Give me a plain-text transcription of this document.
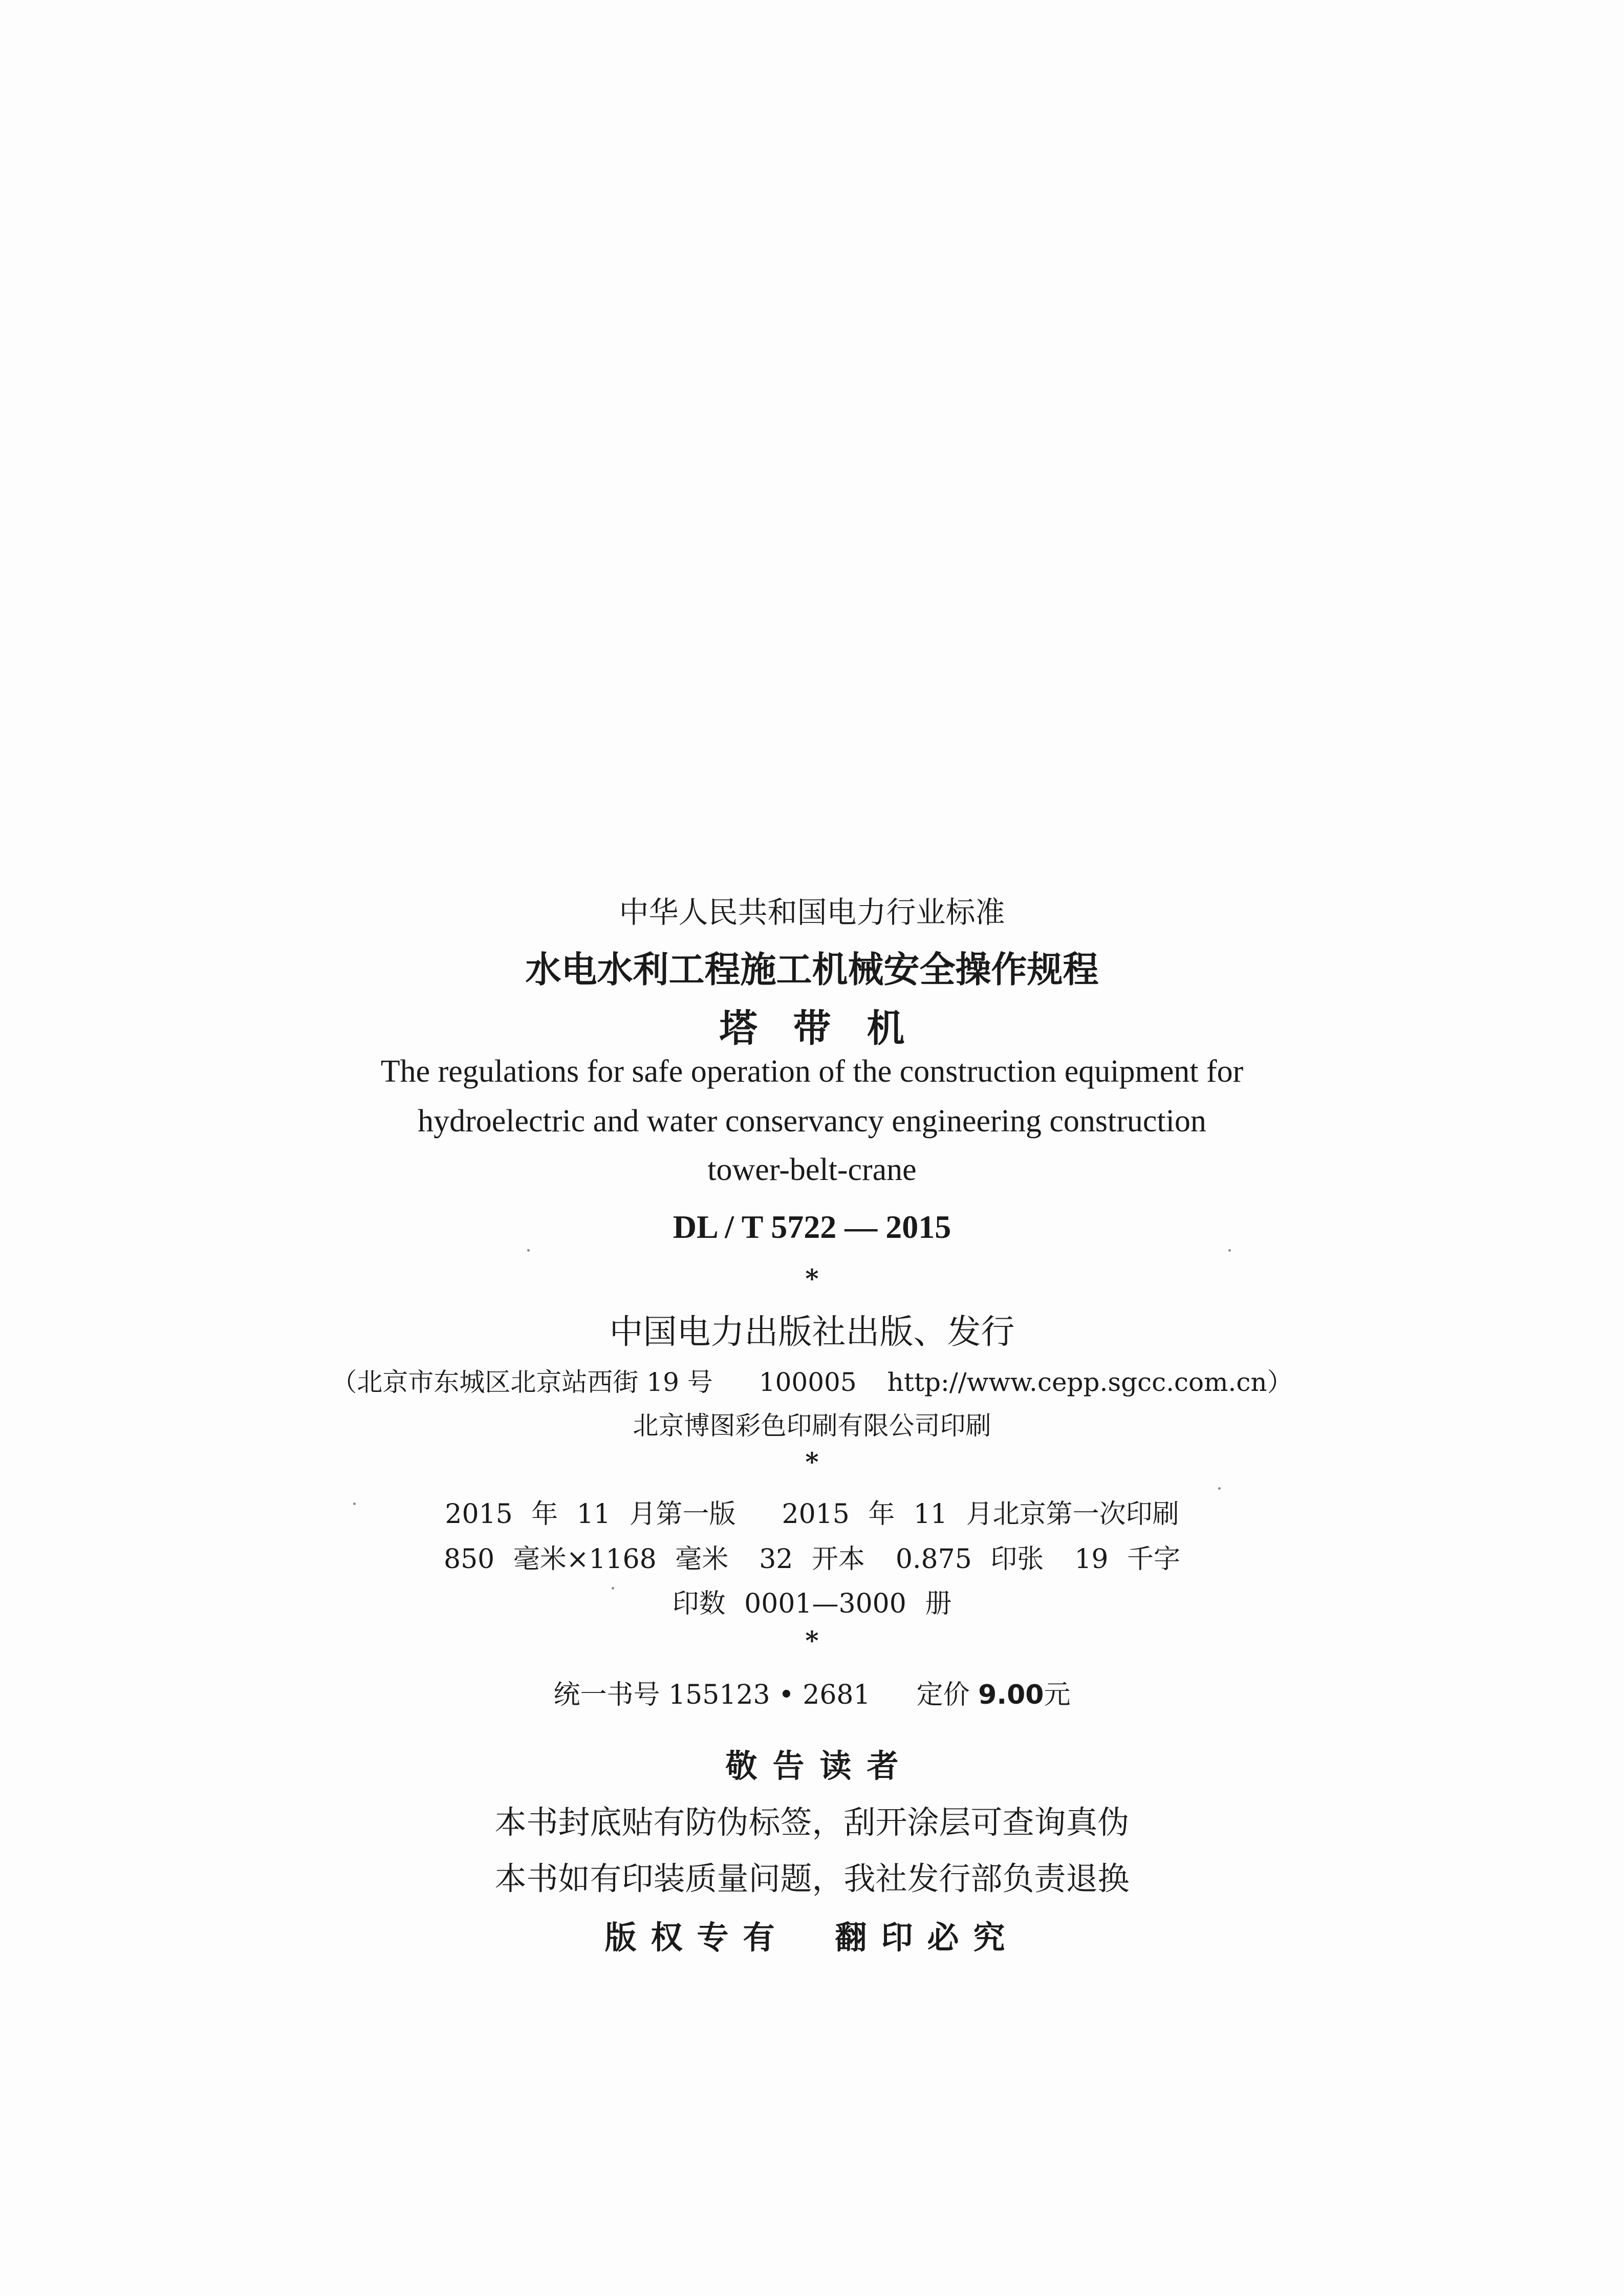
中华人民共和国电力行业标准
水电水利工程施工机械安全操作规程
塔带机
The regulations for safe operation of the construction equipment for
hydroelectric and water conservancy engineering construction
tower-belt-crane
DL / T 5722 — 2015
*
中国电力出版社出版、发行
（北京市东城区北京站西街 19 号 100005 http://www.cepp.sgcc.com.cn）
北京博图彩色印刷有限公司印刷
*
2015 年 11 月第一版 2015 年 11 月北京第一次印刷
850 毫米×1168 毫米 32 开本 0.875 印张 19 千字
印数 0001—3000 册
*
统一书号 155123 • 2681 定价 9.00元
敬告读者
本书封底贴有防伪标签，刮开涂层可查询真伪
本书如有印装质量问题，我社发行部负责退换
版权专有 翻印必究
